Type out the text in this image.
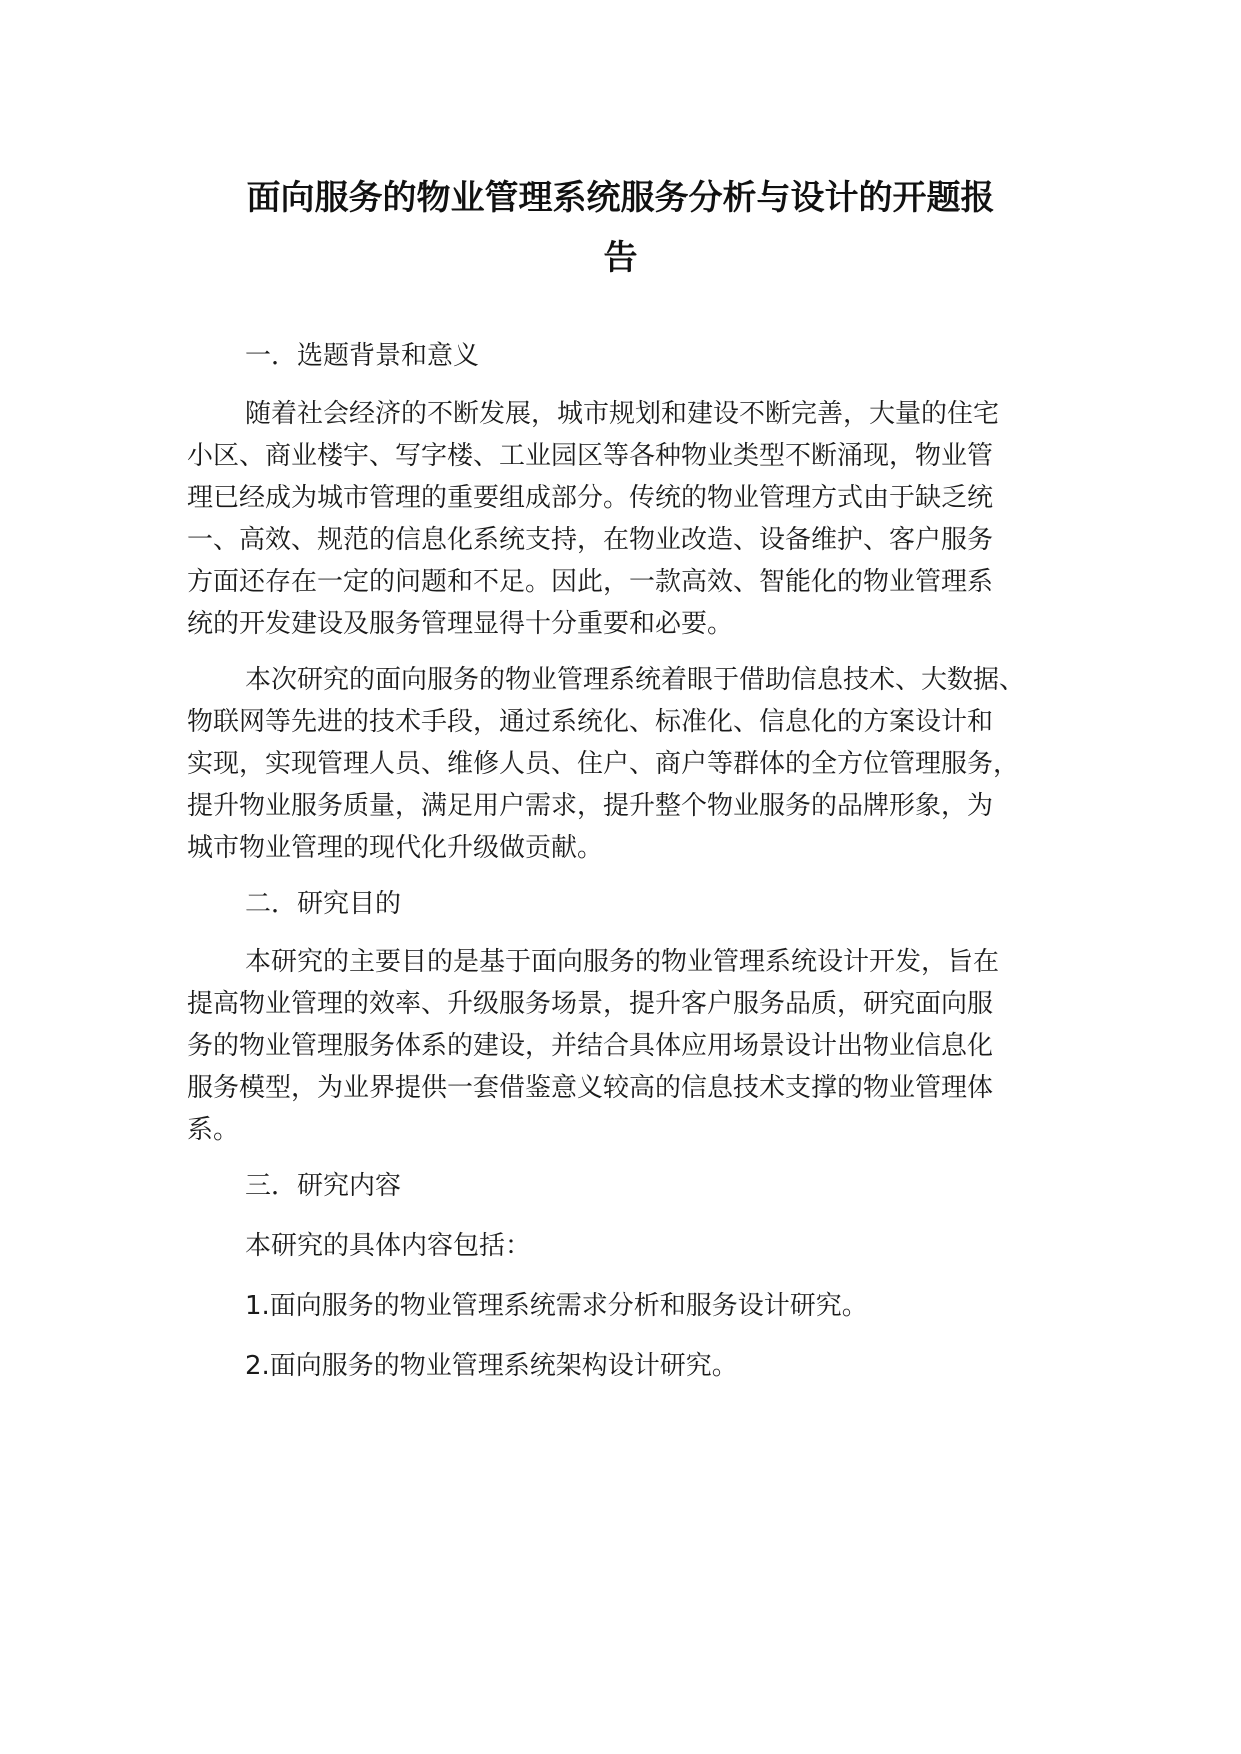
面向服务的物业管理系统服务分析与设计的开题报
告
一．选题背景和意义
随着社会经济的不断发展，城市规划和建设不断完善，大量的住宅
小区、商业楼宇、写字楼、工业园区等各种物业类型不断涌现，物业管
理已经成为城市管理的重要组成部分。传统的物业管理方式由于缺乏统
一、高效、规范的信息化系统支持，在物业改造、设备维护、客户服务
方面还存在一定的问题和不足。因此，一款高效、智能化的物业管理系
统的开发建设及服务管理显得十分重要和必要。
本次研究的面向服务的物业管理系统着眼于借助信息技术、大数据、
物联网等先进的技术手段，通过系统化、标准化、信息化的方案设计和
实现，实现管理人员、维修人员、住户、商户等群体的全方位管理服务，
提升物业服务质量，满足用户需求，提升整个物业服务的品牌形象，为
城市物业管理的现代化升级做贡献。
二．研究目的
本研究的主要目的是基于面向服务的物业管理系统设计开发，旨在
提高物业管理的效率、升级服务场景，提升客户服务品质，研究面向服
务的物业管理服务体系的建设，并结合具体应用场景设计出物业信息化
服务模型，为业界提供一套借鉴意义较高的信息技术支撑的物业管理体
系。
三．研究内容
本研究的具体内容包括：
1.面向服务的物业管理系统需求分析和服务设计研究。
2.面向服务的物业管理系统架构设计研究。
